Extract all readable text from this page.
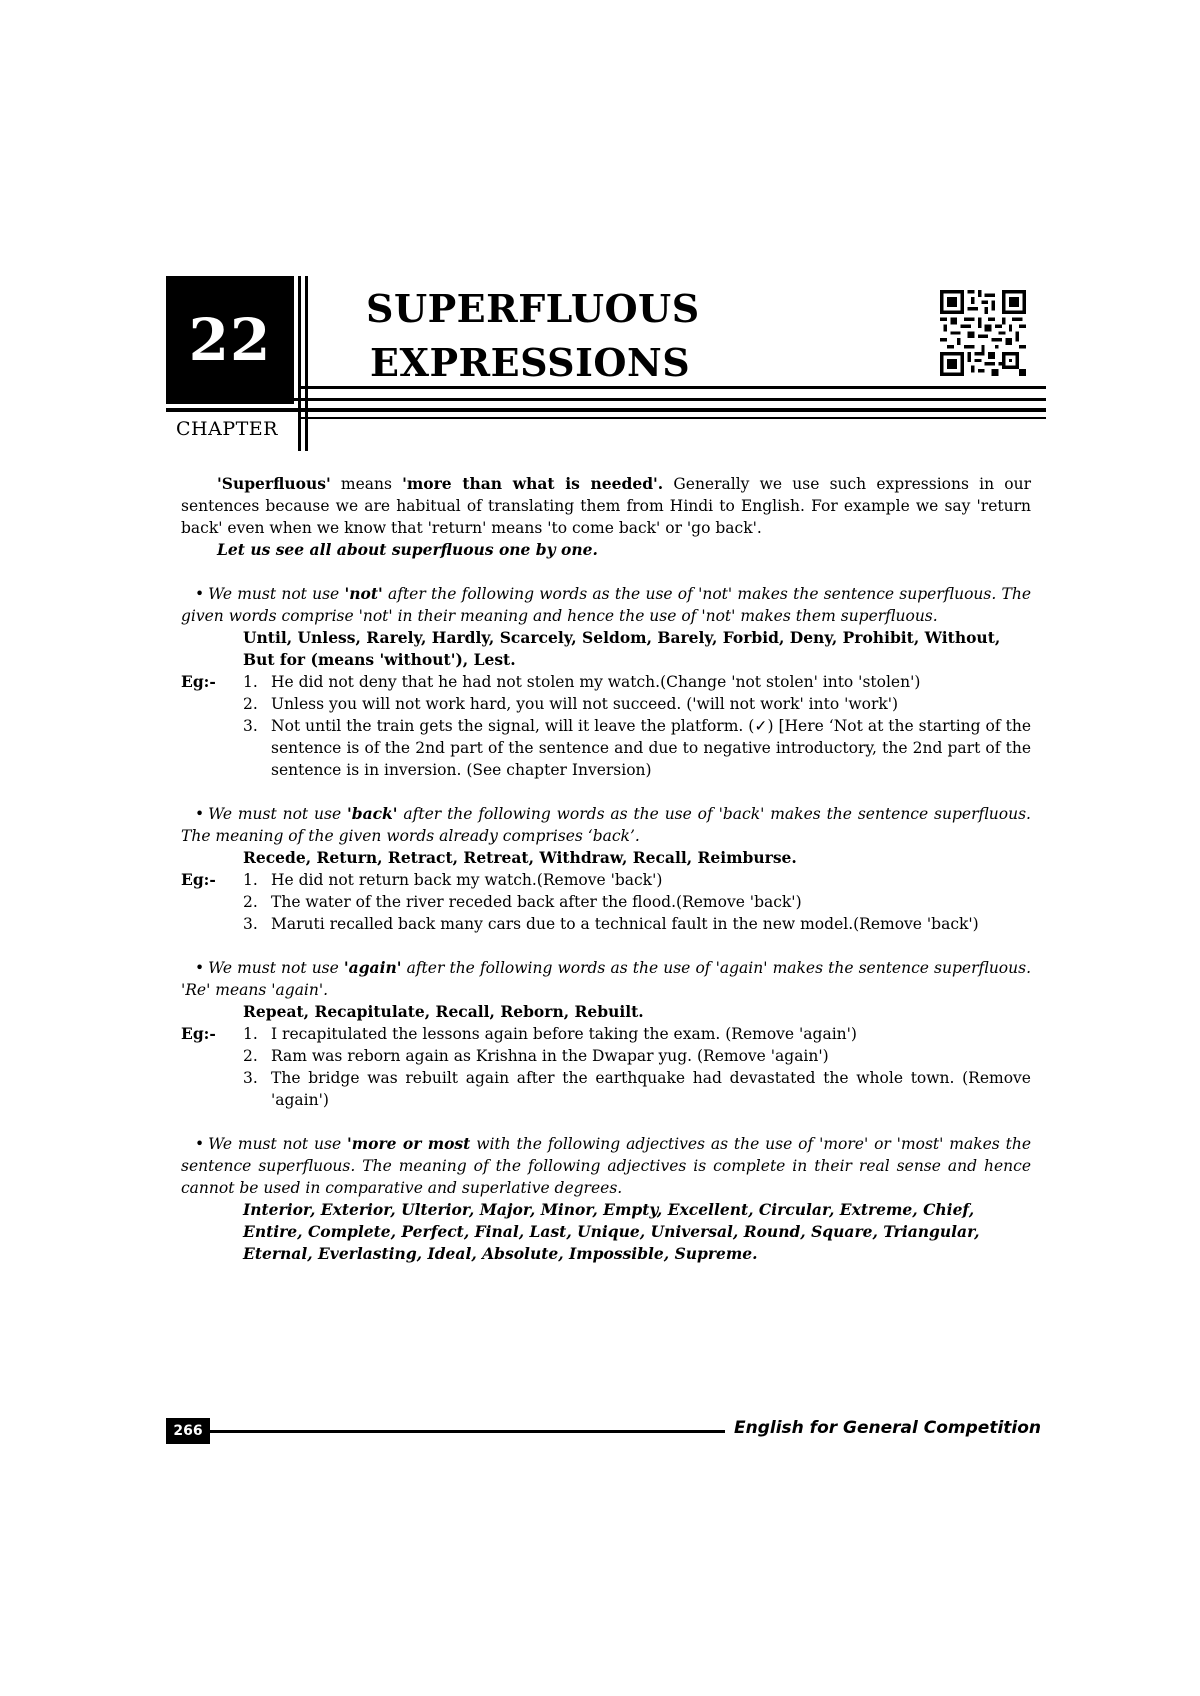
22
CHAPTER
SUPERFLUOUS
EXPRESSIONS

'Superfluous' means 'more than what is needed'. Generally we use such expressions in our sentences because we are habitual of translating them from Hindi to English. For example we say 'return back' even when we know that 'return' means 'to come back' or 'go back'.

Let us see all about superfluous one by one.

• We must not use 'not' after the following words as the use of 'not' makes the sentence superfluous. The given words comprise 'not' in their meaning and hence the use of 'not' makes them superfluous.

Until, Unless, Rarely, Hardly, Scarcely, Seldom, Barely, Forbid, Deny, Prohibit, Without, But for (means 'without'), Lest.

Eg:-	1. He did not deny that he had not stolen my watch.(Change 'not stolen' into 'stolen')
2. Unless you will not work hard, you will not succeed. ('will not work' into 'work')
3. Not until the train gets the signal, will it leave the platform. (✓) [Here ‘Not at the starting of the sentence is of the 2nd part of the sentence and due to negative introductory, the 2nd part of the sentence is in inversion. (See chapter Inversion)

• We must not use 'back' after the following words as the use of 'back' makes the sentence superfluous. The meaning of the given words already comprises ‘back’.

Recede, Return, Retract, Retreat, Withdraw, Recall, Reimburse.

Eg:-	1. He did not return back my watch.(Remove 'back')
2. The water of the river receded back after the flood.(Remove 'back')
3. Maruti recalled back many cars due to a technical fault in the new model.(Remove 'back')

• We must not use 'again' after the following words as the use of 'again' makes the sentence superfluous. 'Re' means 'again'.

Repeat, Recapitulate, Recall, Reborn, Rebuilt.

Eg:-	1. I recapitulated the lessons again before taking the exam. (Remove 'again')
2. Ram was reborn again as Krishna in the Dwapar yug. (Remove 'again')
3. The bridge was rebuilt again after the earthquake had devastated the whole town. (Remove 'again')

• We must not use 'more or most with the following adjectives as the use of 'more' or 'most' makes the sentence superfluous. The meaning of the following adjectives is complete in their real sense and hence cannot be used in comparative and superlative degrees.

Interior, Exterior, Ulterior, Major, Minor, Empty, Excellent, Circular, Extreme, Chief, Entire, Complete, Perfect, Final, Last, Unique, Universal, Round, Square, Triangular, Eternal, Everlasting, Ideal, Absolute, Impossible, Supreme.

266	English for General Competition
